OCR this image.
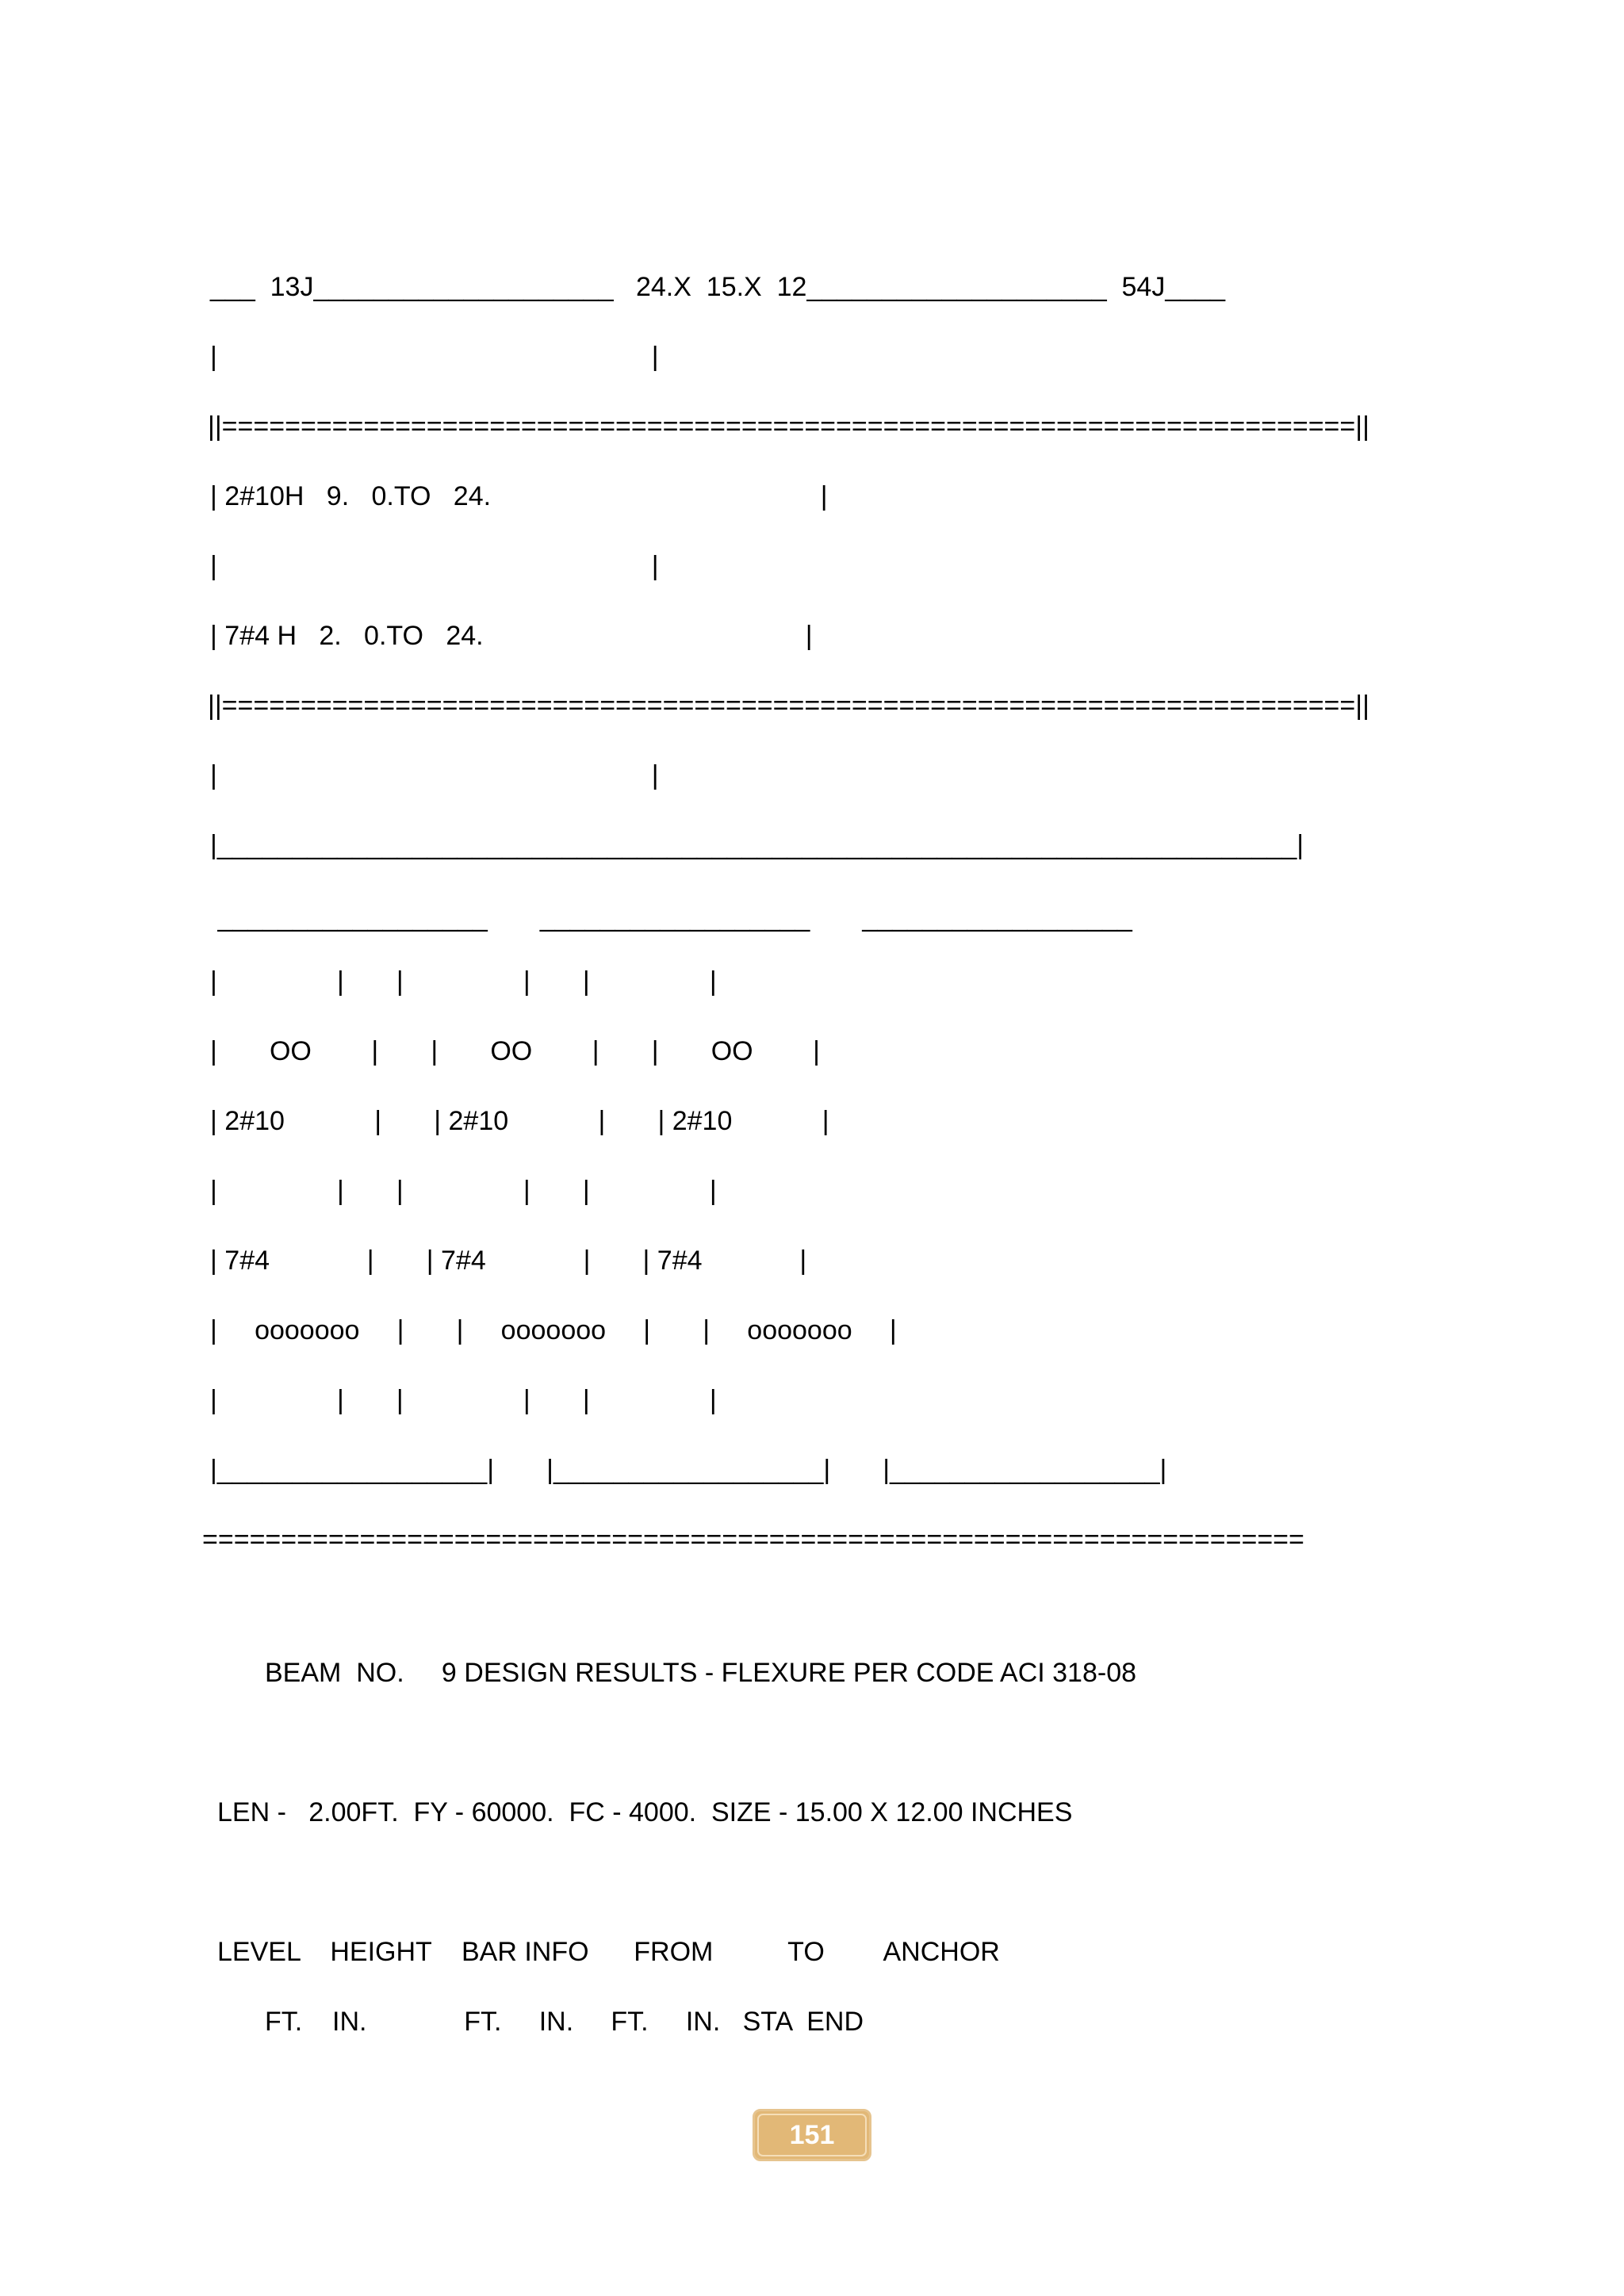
___  13J____________________   24.X  15.X  12____________________  54J____
|                                                          |
||========================================================================||
| 2#10H   9.   0.TO   24.                                            |
|                                                          |
| 7#4 H   2.   0.TO   24.                                           |
||========================================================================||
|                                                          |
|________________________________________________________________________|
__________________       __________________       __________________
|                |       |                |       |                |
|       OO        |       |       OO        |       |       OO        |
| 2#10            |       | 2#10            |       | 2#10            |
|                |       |                |       |                |
| 7#4             |       | 7#4             |       | 7#4             |
|     ooooooo     |       |     ooooooo     |       |     ooooooo     |
|                |       |                |       |                |
|__________________|       |__________________|       |__________________|
======================================================================
BEAM  NO.     9 DESIGN RESULTS - FLEXURE PER CODE ACI 318-08
LEN -   2.00FT.  FY - 60000.  FC - 4000.  SIZE - 15.00 X 12.00 INCHES
LEVEL    HEIGHT    BAR INFO      FROM          TO        ANCHOR
FT.    IN.             FT.     IN.     FT.     IN.   STA  END
151
